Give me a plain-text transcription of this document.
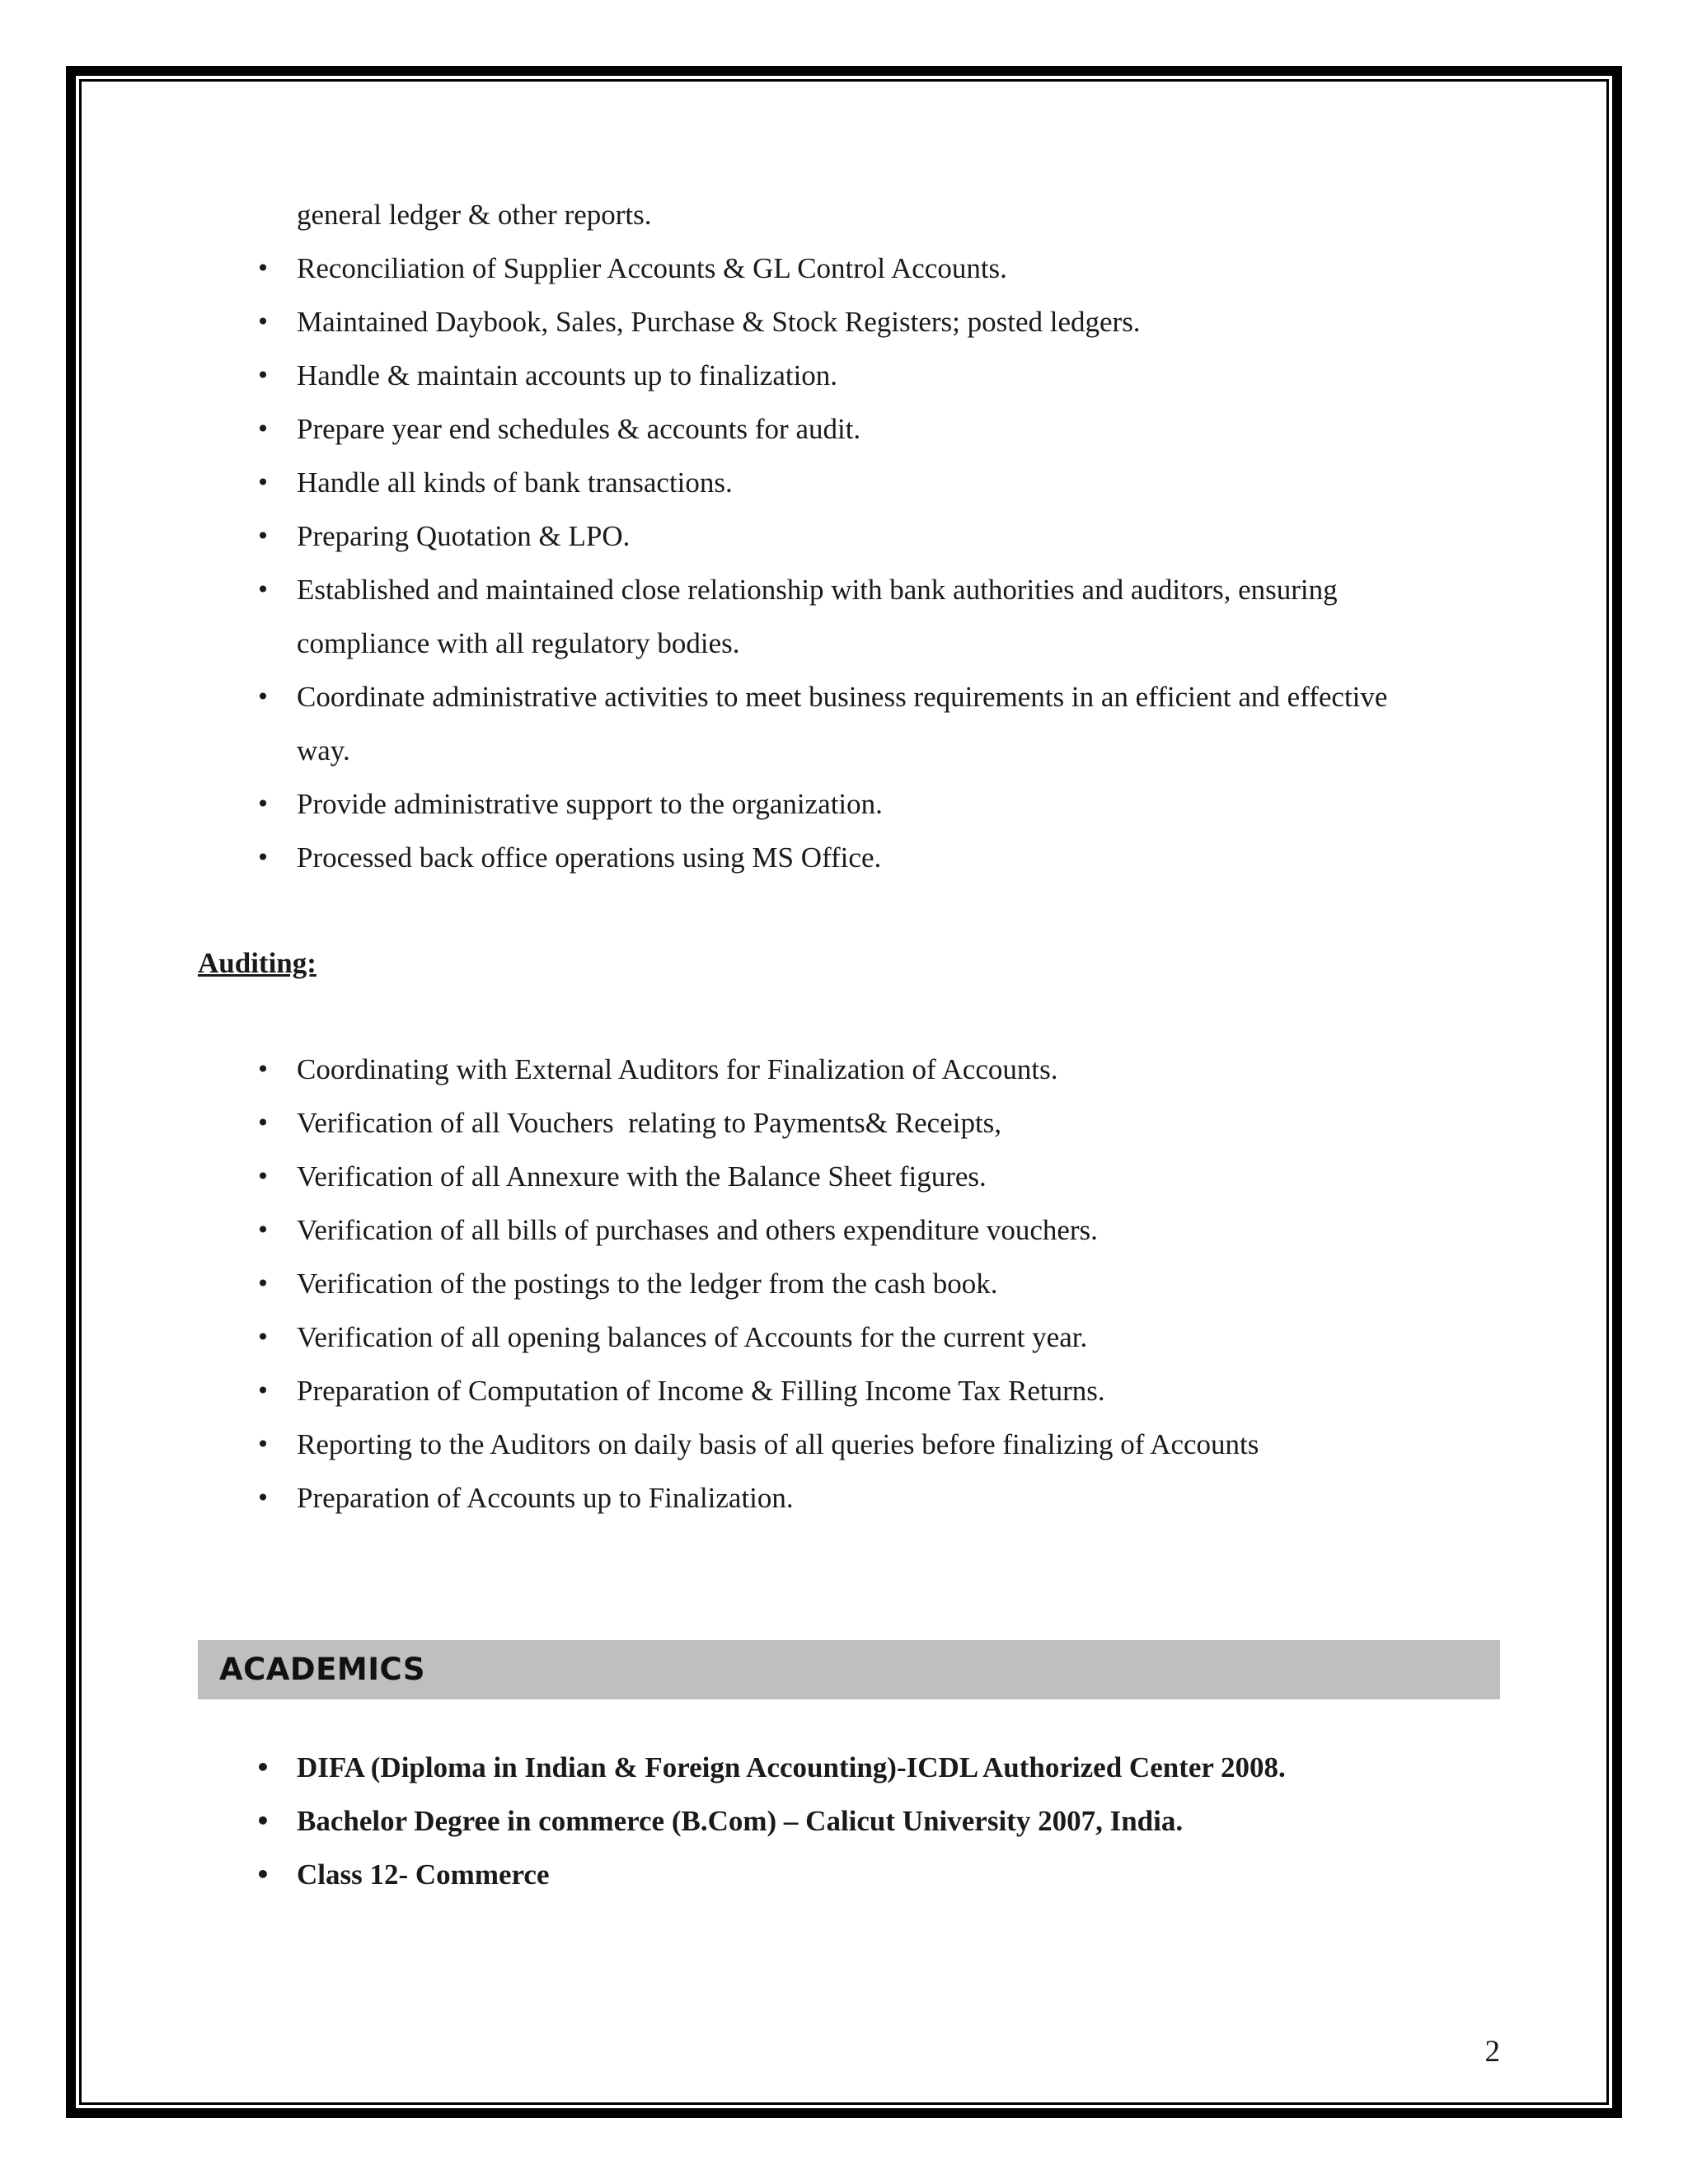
general ledger & other reports.
• Reconciliation of Supplier Accounts & GL Control Accounts.
• Maintained Daybook, Sales, Purchase & Stock Registers; posted ledgers.
• Handle & maintain accounts up to finalization.
• Prepare year end schedules & accounts for audit.
• Handle all kinds of bank transactions.
• Preparing Quotation & LPO.
• Established and maintained close relationship with bank authorities and auditors, ensuring
compliance with all regulatory bodies.
• Coordinate administrative activities to meet business requirements in an efficient and effective
way.
• Provide administrative support to the organization.
• Processed back office operations using MS Office.
Auditing:
• Coordinating with External Auditors for Finalization of Accounts.
• Verification of all Vouchers  relating to Payments& Receipts,
• Verification of all Annexure with the Balance Sheet figures.
• Verification of all bills of purchases and others expenditure vouchers.
• Verification of the postings to the ledger from the cash book.
• Verification of all opening balances of Accounts for the current year.
• Preparation of Computation of Income & Filling Income Tax Returns.
• Reporting to the Auditors on daily basis of all queries before finalizing of Accounts
• Preparation of Accounts up to Finalization.
ACADEMICS
• DIFA (Diploma in Indian & Foreign Accounting)-ICDL Authorized Center 2008.
• Bachelor Degree in commerce (B.Com) – Calicut University 2007, India.
• Class 12- Commerce
2
